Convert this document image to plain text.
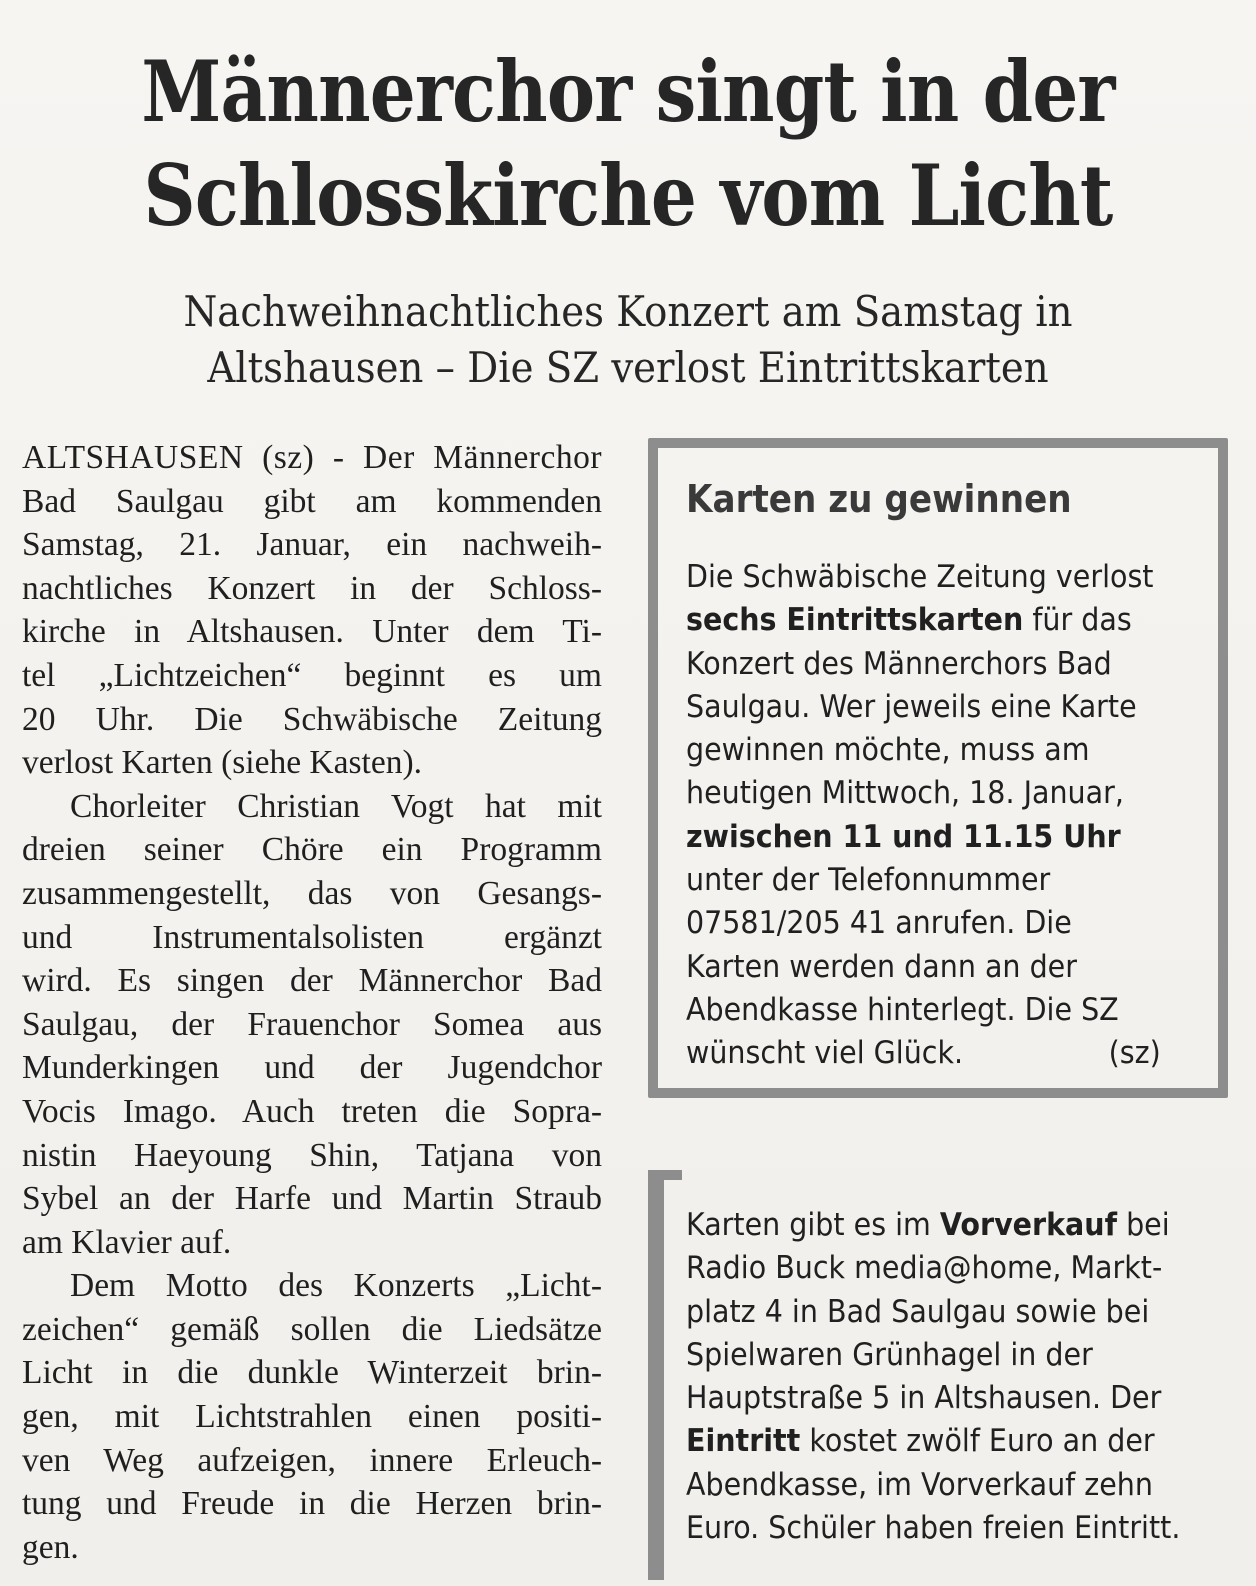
Männerchor singt in der
Schlosskirche vom Licht
Nachweihnachtliches Konzert am Samstag in
Altshausen – Die SZ verlost Eintrittskarten
ALTSHAUSEN (sz) - Der Männerchor
Bad Saulgau gibt am kommenden
Samstag, 21. Januar, ein nachweih-
nachtliches Konzert in der Schloss-
kirche in Altshausen. Unter dem Ti-
tel „Lichtzeichen“ beginnt es um
20 Uhr. Die Schwäbische Zeitung
verlost Karten (siehe Kasten).
Chorleiter Christian Vogt hat mit
dreien seiner Chöre ein Programm
zusammengestellt, das von Gesangs-
und Instrumentalsolisten ergänzt
wird. Es singen der Männerchor Bad
Saulgau, der Frauenchor Somea aus
Munderkingen und der Jugendchor
Vocis Imago. Auch treten die Sopra-
nistin Haeyoung Shin, Tatjana von
Sybel an der Harfe und Martin Straub
am Klavier auf.
Dem Motto des Konzerts „Licht-
zeichen“ gemäß sollen die Liedsätze
Licht in die dunkle Winterzeit brin-
gen, mit Lichtstrahlen einen positi-
ven Weg aufzeigen, innere Erleuch-
tung und Freude in die Herzen brin-
gen.
Karten zu gewinnen
Die Schwäbische Zeitung verlost
sechs Eintrittskarten für das
Konzert des Männerchors Bad
Saulgau. Wer jeweils eine Karte
gewinnen möchte, muss am
heutigen Mittwoch, 18. Januar,
zwischen 11 und 11.15 Uhr
unter der Telefonnummer
07581/205 41 anrufen. Die
Karten werden dann an der
Abendkasse hinterlegt. Die SZ
wünscht viel Glück.	(sz)
Karten gibt es im Vorverkauf bei
Radio Buck media@home, Markt-
platz 4 in Bad Saulgau sowie bei
Spielwaren Grünhagel in der
Hauptstraße 5 in Altshausen. Der
Eintritt kostet zwölf Euro an der
Abendkasse, im Vorverkauf zehn
Euro. Schüler haben freien Eintritt.
